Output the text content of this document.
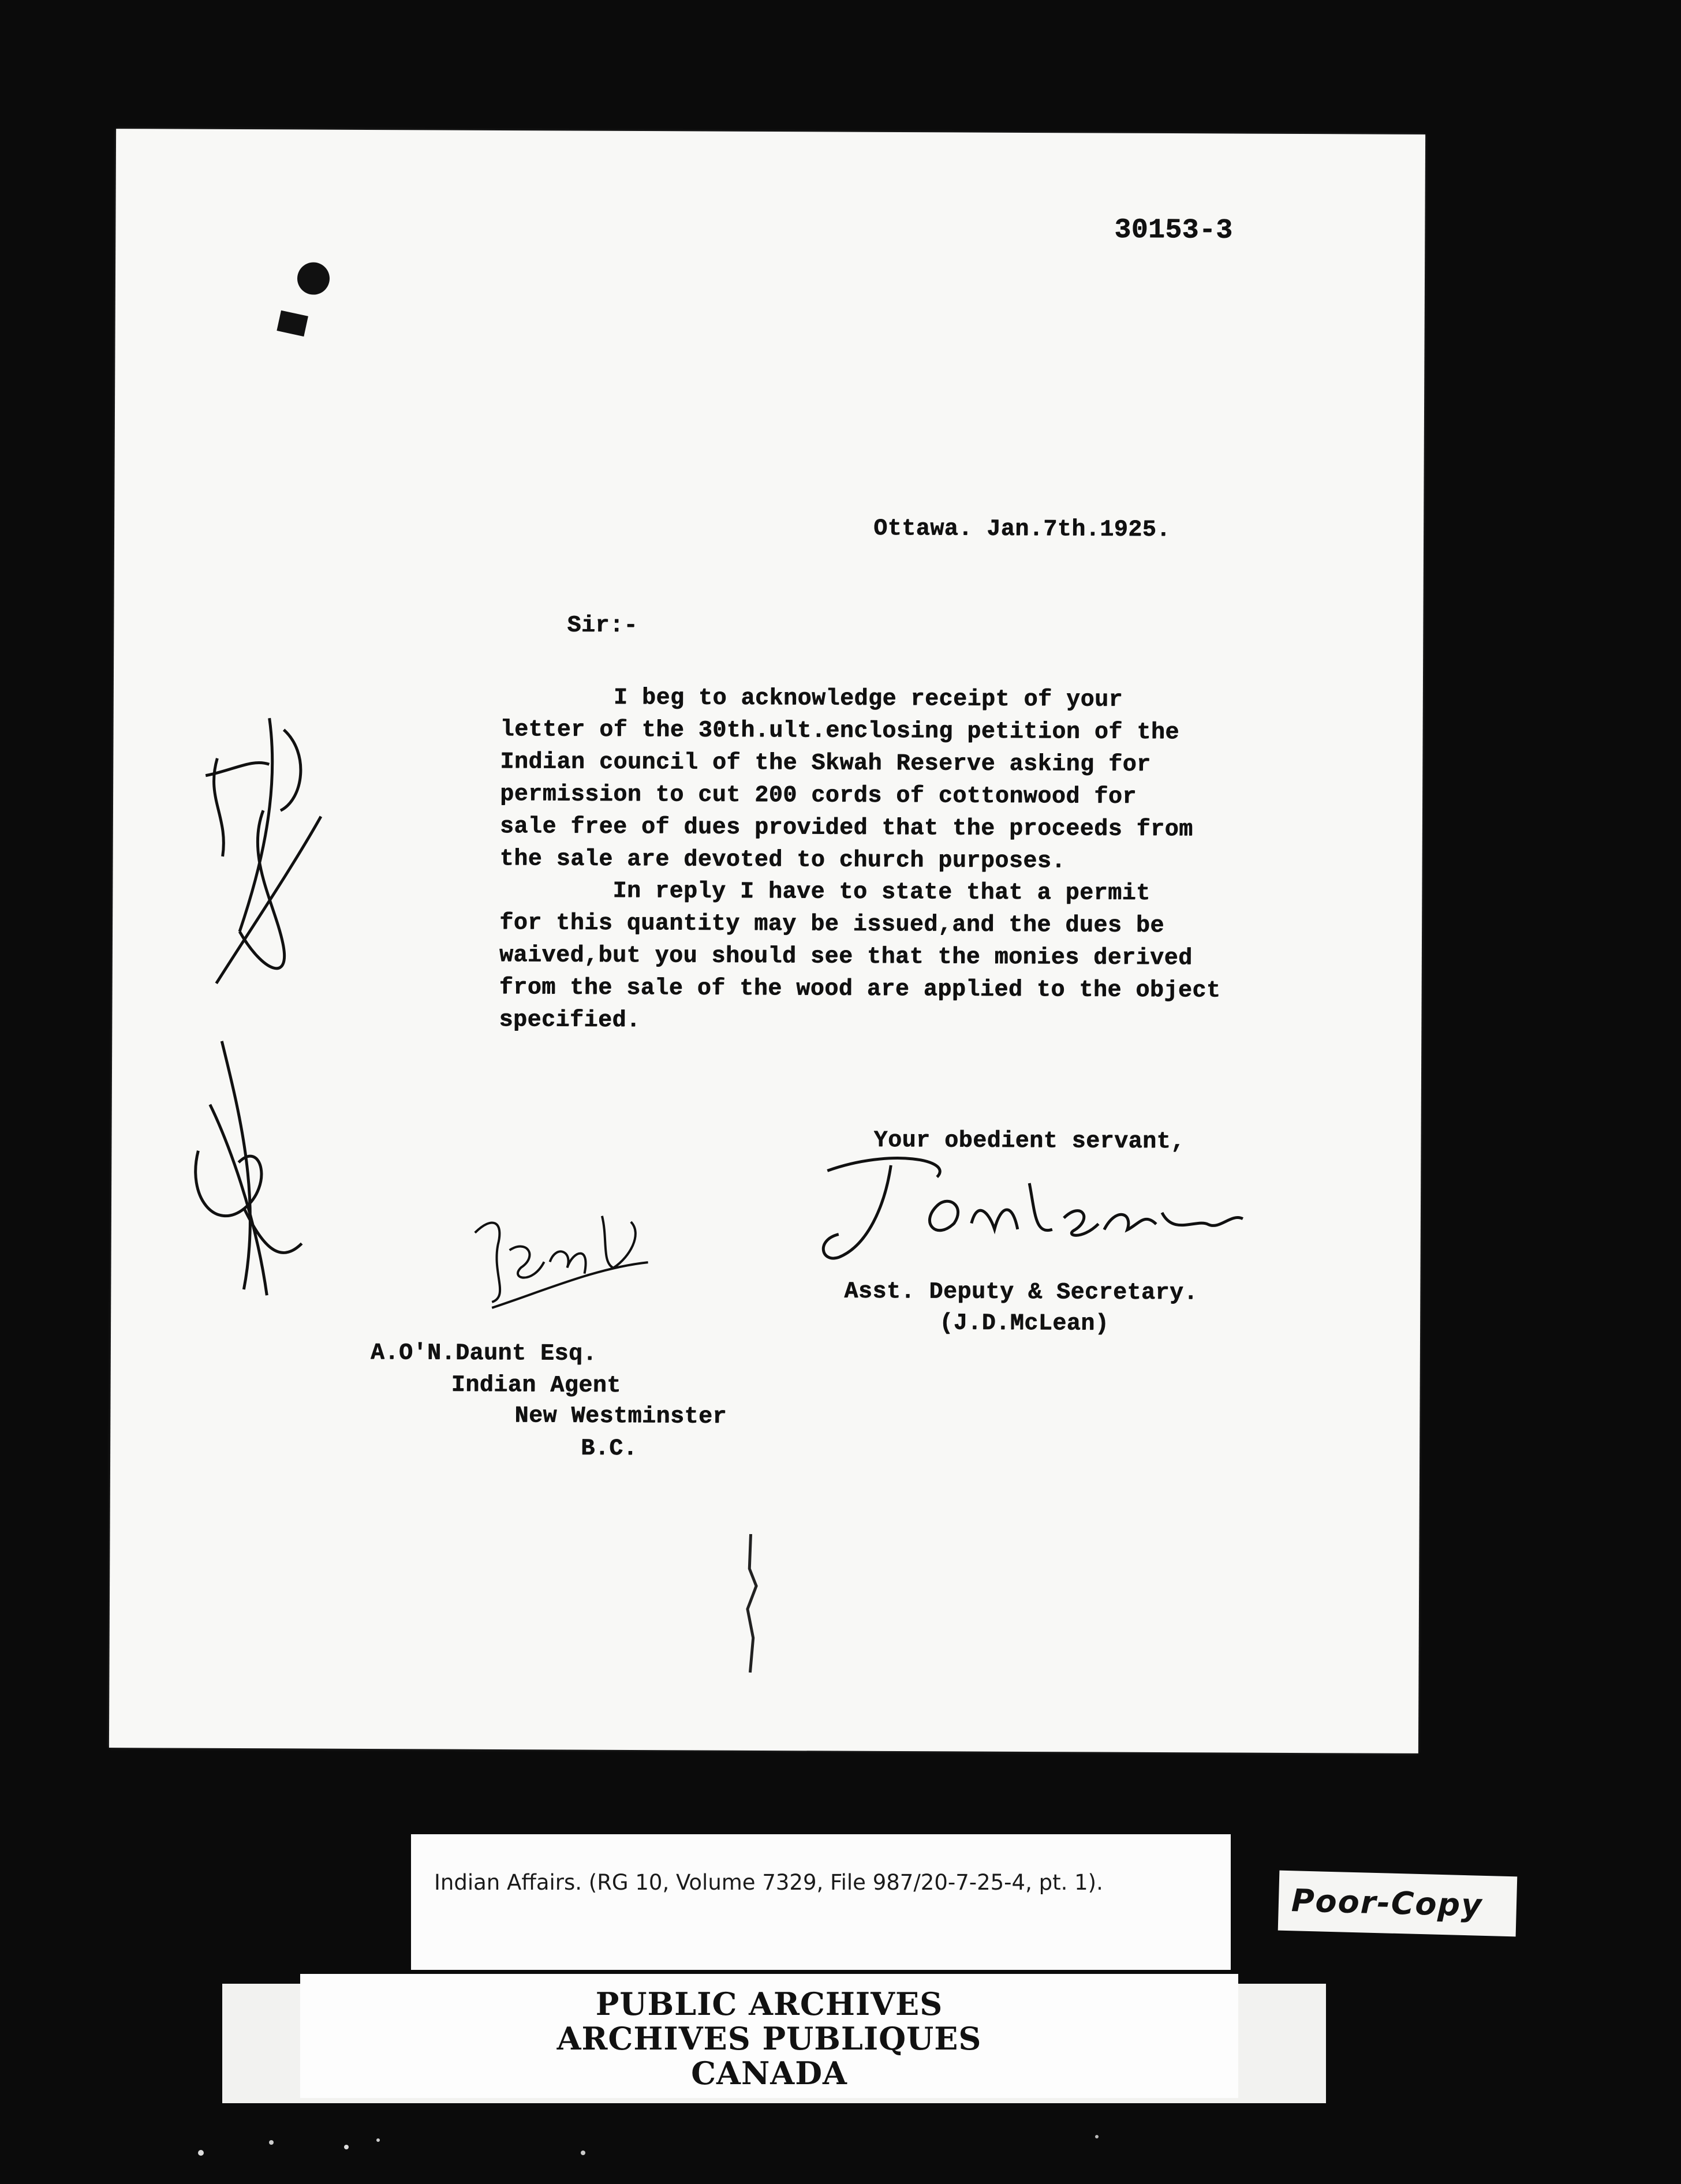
30153-3
Ottawa. Jan.7th.1925.
Sir:-
I beg to acknowledge receipt of your
letter of the 30th.ult.enclosing petition of the
Indian council of the Skwah Reserve asking for
permission to cut 200 cords of cottonwood for
sale free of dues provided that the proceeds from
the sale are devoted to church purposes.
In reply I have to state that a permit
for this quantity may be issued,and the dues be
waived,but you should see that the monies derived
from the sale of the wood are applied to the object
specified.
Your obedient servant,
Asst. Deputy & Secretary.
(J.D.McLean)
A.O'N.Daunt Esq.
Indian Agent
New Westminster
B.C.
Indian Affairs. (RG 10, Volume 7329, File 987/20-7-25-4, pt. 1).	Poor-Copy
PUBLIC ARCHIVES
ARCHIVES PUBLIQUES
CANADA
